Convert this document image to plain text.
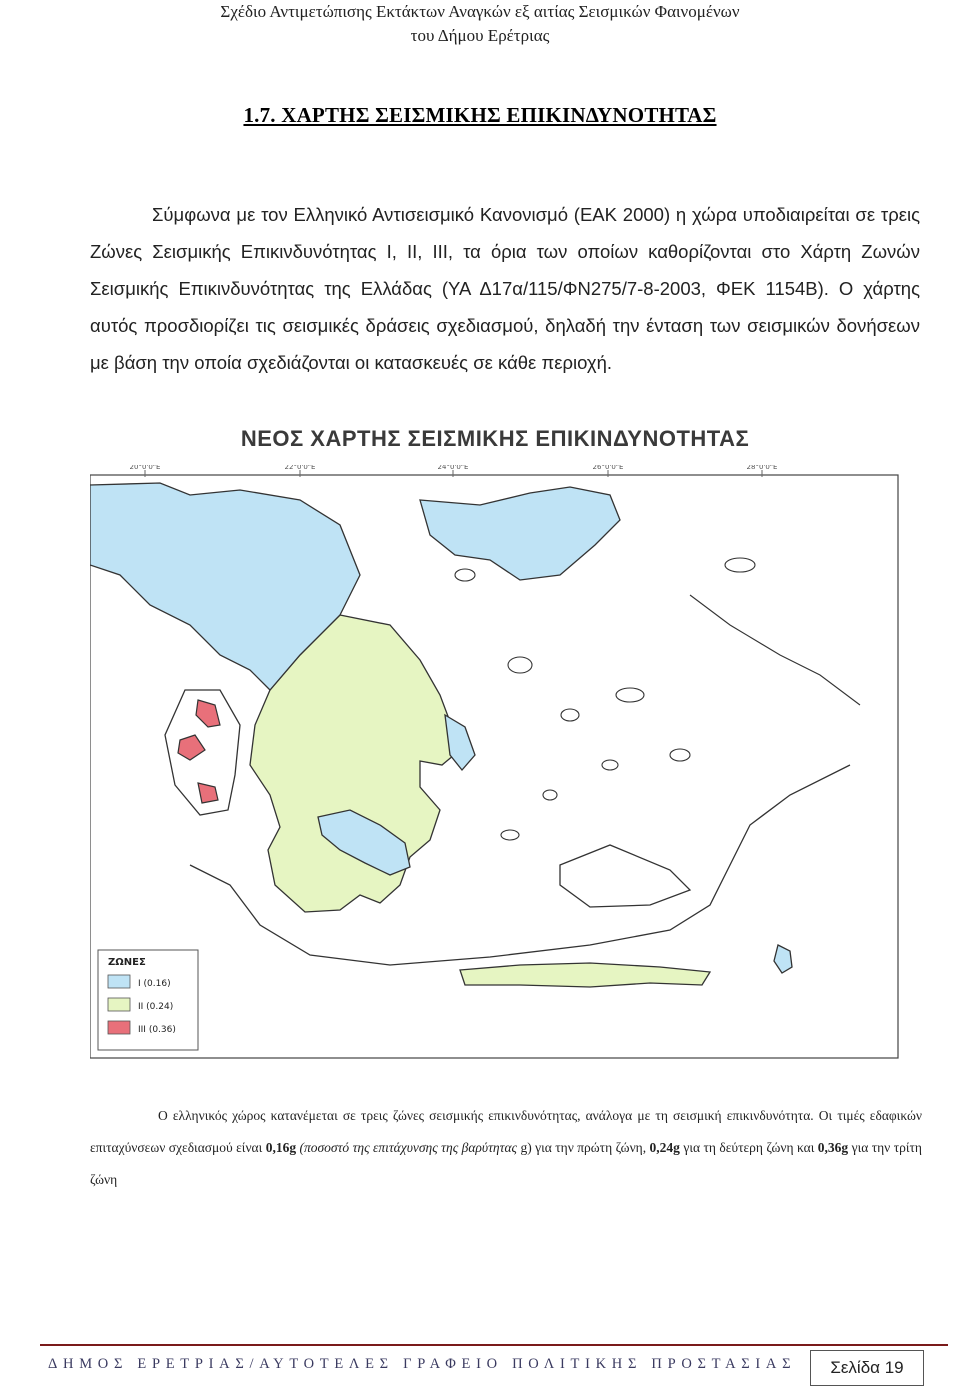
Σχέδιο Αντιμετώπισης Εκτάκτων Αναγκών εξ αιτίας Σεισμικών Φαινομένων
του Δήμου Ερέτριας
1.7. ΧΑΡΤΗΣ ΣΕΙΣΜΙΚΗΣ ΕΠΙΚΙΝΔΥΝΟΤΗΤΑΣ
Σύμφωνα με τον Ελληνικό Αντισεισμικό Κανονισμό (ΕΑΚ 2000) η χώρα υποδιαιρείται σε τρεις Ζώνες Σεισμικής Επικινδυνότητας Ι, ΙΙ, ΙΙΙ, τα όρια των οποίων καθορίζονται στο Χάρτη Ζωνών Σεισμικής Επικινδυνότητας της Ελλάδας (ΥΑ Δ17α/115/ΦΝ275/7-8-2003, ΦΕΚ 1154Β). Ο χάρτης αυτός προσδιορίζει τις σεισμικές δράσεις σχεδιασμού, δηλαδή την ένταση των σεισμικών δονήσεων με βάση την οποία σχεδιάζονται οι κατασκευές σε κάθε περιοχή.
ΝΕΟΣ ΧΑΡΤΗΣ ΣΕΙΣΜΙΚΗΣ ΕΠΙΚΙΝΔΥΝΟΤΗΤΑΣ
20°0'0"E	22°0'0"E	24°0'0"E	26°0'0"E	28°0'0"E
ΖΩΝΕΣ
I (0.16)
II (0.24)
III (0.36)
Ο ελληνικός χώρος κατανέμεται σε τρεις ζώνες σεισμικής επικινδυνότητας, ανάλογα με τη σεισμική επικινδυνότητα. Οι τιμές εδαφικών επιταχύνσεων σχεδιασμού είναι 0,16g (ποσοστό της επιτάχυνσης της βαρύτητας g) για την πρώτη ζώνη, 0,24g για τη δεύτερη ζώνη και 0,36g για την τρίτη ζώνη
ΔΗΜΟΣ ΕΡΕΤΡΙΑΣ/ΑΥΤΟΤΕΛΕΣ ΓΡΑΦΕΙΟ ΠΟΛΙΤΙΚΗΣ ΠΡΟΣΤΑΣΙΑΣ	Σελίδα 19
